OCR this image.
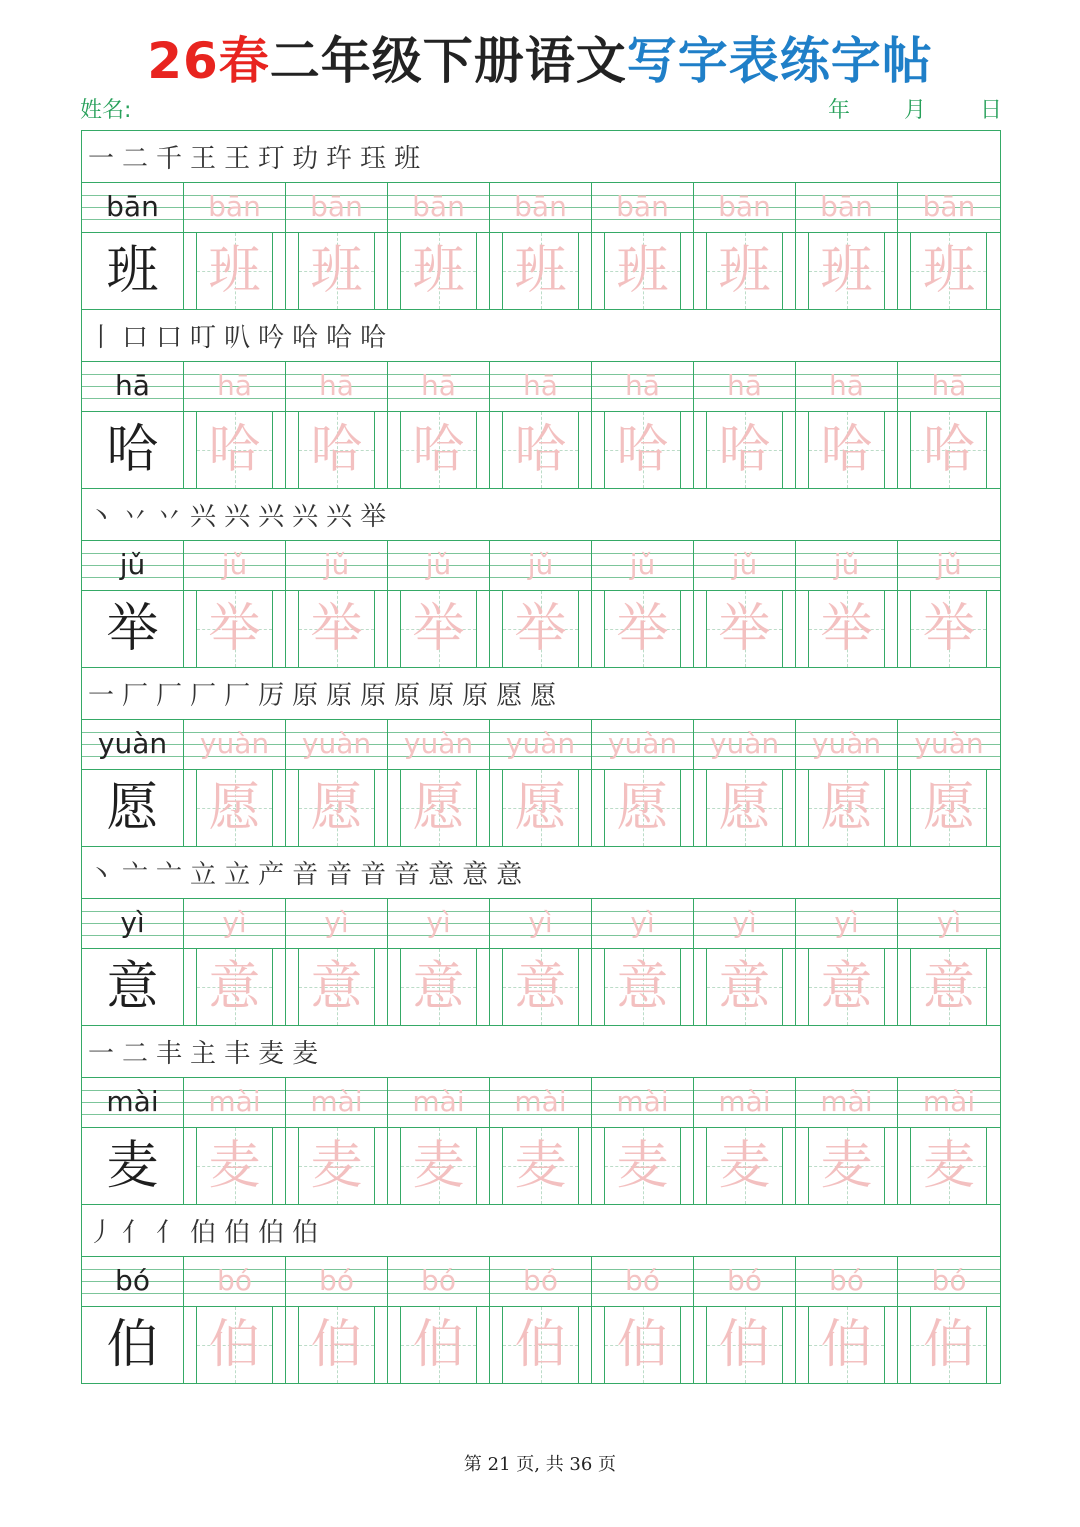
26春二年级下册语文写字表练字帖
姓名:	年 月 日
一 二 千 王 王 玎 玏 玝 珏 班
bān	bān	bān	bān	bān	bān	bān	bān	bān
班 班 班 班 班 班 班 班 班
丨 口 口 叮 叭 吟 哈 哈 哈
hā	hā	hā	hā	hā	hā	hā	hā	hā
哈 哈 哈 哈 哈 哈 哈 哈 哈
丶 丷 丷 兴 兴 兴 兴 兴 举
jǔ	jǔ	jǔ	jǔ	jǔ	jǔ	jǔ	jǔ	jǔ
举 举 举 举 举 举 举 举 举
一 厂 厂 厂 厂 厉 原 原 原 原 原 原 愿 愿
yuàn	yuàn	yuàn	yuàn	yuàn	yuàn	yuàn	yuàn	yuàn
愿 愿 愿 愿 愿 愿 愿 愿 愿
丶 亠 亠 立 立 产 音 音 音 音 意 意 意
yì	yì	yì	yì	yì	yì	yì	yì	yì
意 意 意 意 意 意 意 意 意
一 二 丰 主 丰 麦 麦
mài	mài	mài	mài	mài	mài	mài	mài	mài
麦 麦 麦 麦 麦 麦 麦 麦 麦
丿 亻 亻 伯 伯 伯 伯
bó	bó	bó	bó	bó	bó	bó	bó	bó
伯 伯 伯 伯 伯 伯 伯 伯 伯
第 21 页, 共 36 页
